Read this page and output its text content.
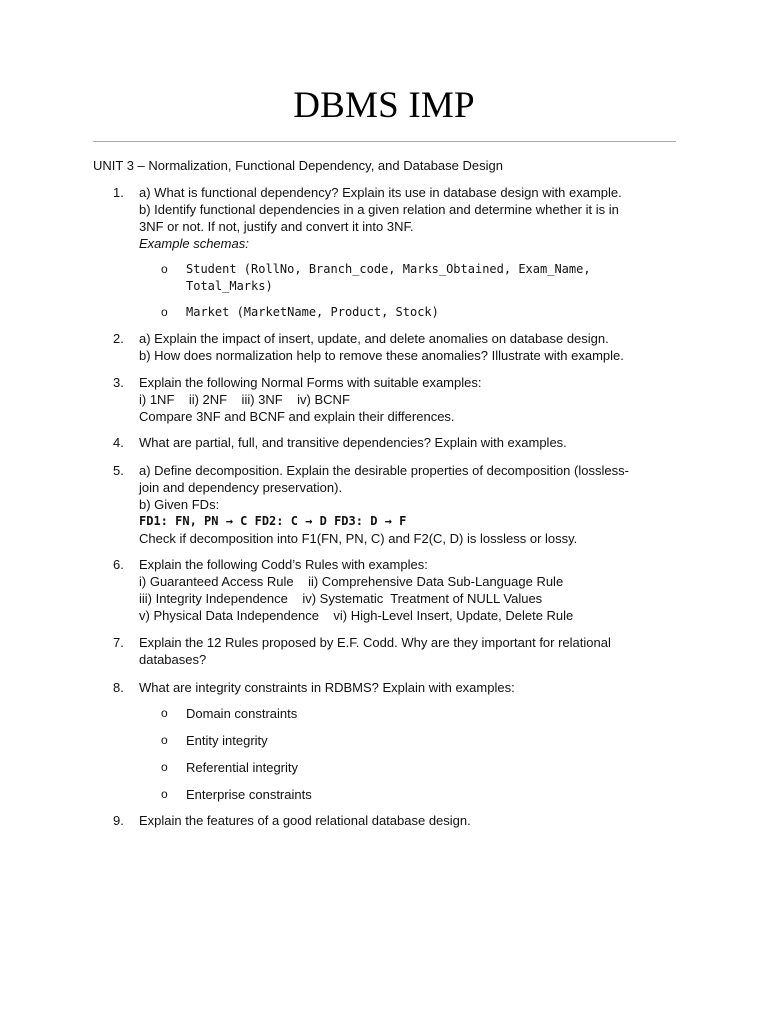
DBMS IMP

UNIT 3 – Normalization, Functional Dependency, and Database Design

1.	a) What is functional dependency? Explain its use in database design with example.
b) Identify functional dependencies in a given relation and determine whether it is in
3NF or not. If not, justify and convert it into 3NF.
Example schemas:
o	Student (RollNo, Branch_code, Marks_Obtained, Exam_Name,
Total_Marks)
o	Market (MarketName, Product, Stock)
2.	a) Explain the impact of insert, update, and delete anomalies on database design.
b) How does normalization help to remove these anomalies? Illustrate with example.
3.	Explain the following Normal Forms with suitable examples:
i) 1NF    ii) 2NF    iii) 3NF    iv) BCNF
Compare 3NF and BCNF and explain their differences.
4.	What are partial, full, and transitive dependencies? Explain with examples.
5.	a) Define decomposition. Explain the desirable properties of decomposition (lossless-
join and dependency preservation).
b) Given FDs:
FD1: FN, PN → C FD2: C → D FD3: D → F
Check if decomposition into F1(FN, PN, C) and F2(C, D) is lossless or lossy.
6.	Explain the following Codd’s Rules with examples:
i) Guaranteed Access Rule    ii) Comprehensive Data Sub-Language Rule
iii) Integrity Independence    iv) Systematic  Treatment of NULL Values
v) Physical Data Independence    vi) High-Level Insert, Update, Delete Rule
7.	Explain the 12 Rules proposed by E.F. Codd. Why are they important for relational
databases?
8.	What are integrity constraints in RDBMS? Explain with examples:
o	Domain constraints
o	Entity integrity
o	Referential integrity
o	Enterprise constraints
9.	Explain the features of a good relational database design.
